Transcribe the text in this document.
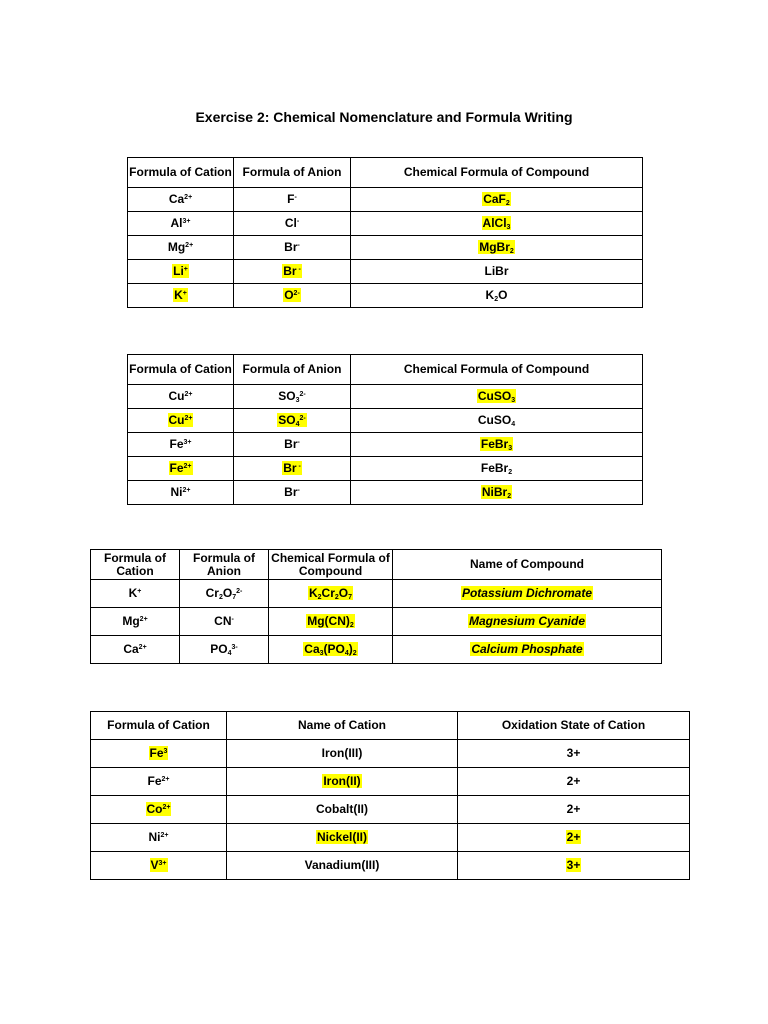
Exercise 2: Chemical Nomenclature and Formula Writing
Formula of Cation	Formula of Anion	Chemical Formula of Compound
$Ca^{2+}$	F-	CaF$_2$
$Al^{3+}$	Cl-	AlCl$_3$
$Mg^{2+}$	Br-	MgBr$_2$
Li+	Br -	LiBr
K+	$O^{2-}$	$K_2O$
Formula of Cation	Formula of Anion	Chemical Formula of Compound
$Cu^{2+}$	$SO_3^{2-}$	CuSO$_3$
$Cu^{2+}$	$SO_4^{2-}$	CuSO$_4$
$Fe^{3+}$	Br-	FeBr$_3$
$Fe^{2+}$	Br -	FeBr$_2$
$Ni^{2+}$	Br-	NiBr$_2$
Formula of Cation	Formula of Anion	Chemical Formula of Compound	Name of Compound
K+	$Cr_2O_7^{2-}$	$K_2Cr_2O_7$	Potassium Dichromate
$Mg^{2+}$	CN-	$Mg(CN)_2$	Magnesium Cyanide
$Ca^{2+}$	$PO_4^{3-}$	$Ca_3(PO_4)_2$	Calcium Phosphate
Formula of Cation	Name of Cation	Oxidation State of Cation
Fe$^3$	Iron(III)	3+
$Fe^{2+}$	Iron(II)	2+
$Co^{2+}$	Cobalt(II)	2+
$Ni^{2+}$	Nickel(II)	2+
$V^{3+}$	Vanadium(III)	3+
